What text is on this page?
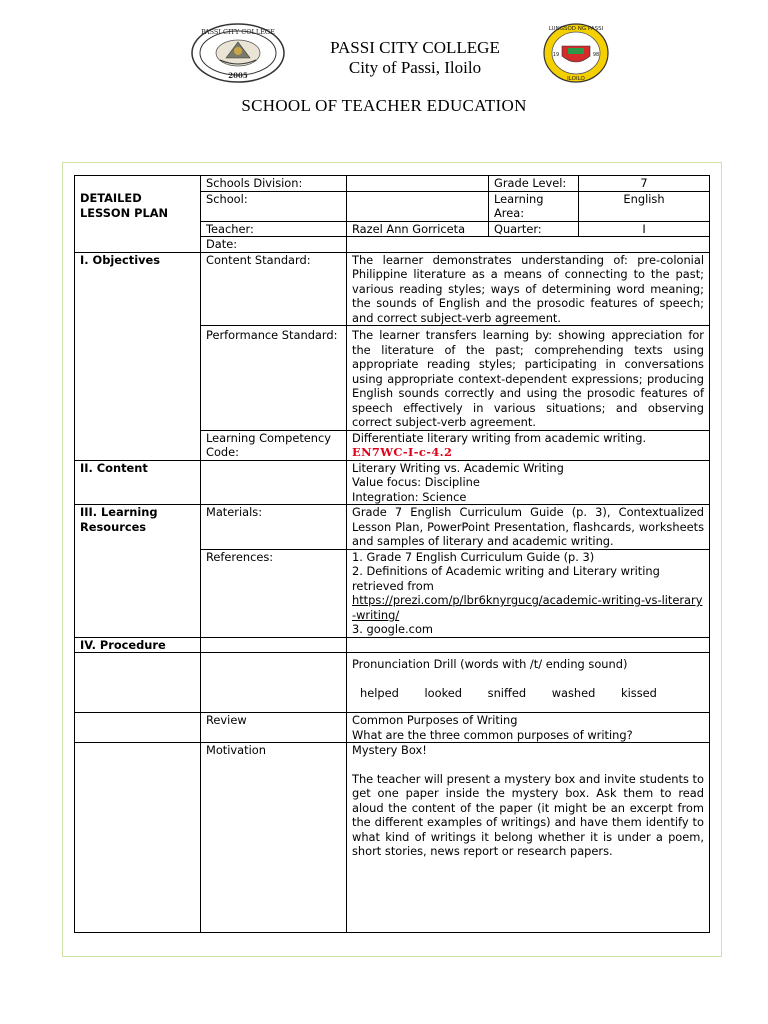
PASSI CITY COLLEGE
2005
PASSI CITY COLLEGE
City of Passi, Iloilo
LUNGSOD NG PASSI
ILOILO
19	98
SCHOOL OF TEACHER EDUCATION
DETAILED LESSON PLAN	Schools Division:		Grade Level:	7
	School:		Learning Area:	English
	Teacher:	Razel Ann Gorriceta	Quarter:	I
	Date:			
I. Objectives	Content Standard:	The learner demonstrates understanding of: pre-colonial Philippine literature as a means of connecting to the past; various reading styles; ways of determining word meaning; the sounds of English and the prosodic features of speech; and correct subject-verb agreement.		
	Performance Standard:	The learner transfers learning by: showing appreciation for the literature of the past; comprehending texts using appropriate reading styles; participating in conversations using appropriate context-dependent expressions; producing English sounds correctly and using the prosodic features of speech effectively in various situations; and observing correct subject-verb agreement.		
	Learning Competency Code:	Differentiate literary writing from academic writing.
EN7WC-I-c-4.2		

II. Content		Literary Writing vs. Academic Writing
Value focus: Discipline
Integration: Science		

III. Learning Resources	Materials:	Grade 7 English Curriculum Guide (p. 3), Contextualized Lesson Plan, PowerPoint Presentation, flashcards, worksheets and samples of literary and academic writing.		
	References:	1. Grade 7 English Curriculum Guide (p. 3)
2. Definitions of Academic writing and Literary writing retrieved from
https://prezi.com/p/lbr6knyrgucg/academic-writing-vs-literary-writing/
3. google.com		

IV. Procedure				

		Pronunciation Drill (words with /t/ ending sound)
helped looked sniffed washed kissed		

	Review	Common Purposes of Writing
What are the three common purposes of writing?		

	Motivation	Mystery Box!
The teacher will present a mystery box and invite students to get one paper inside the mystery box. Ask them to read aloud the content of the paper (it might be an excerpt from the different examples of writings) and have them identify to what kind of writings it belong whether it is under a poem, short stories, news report or research papers.		
